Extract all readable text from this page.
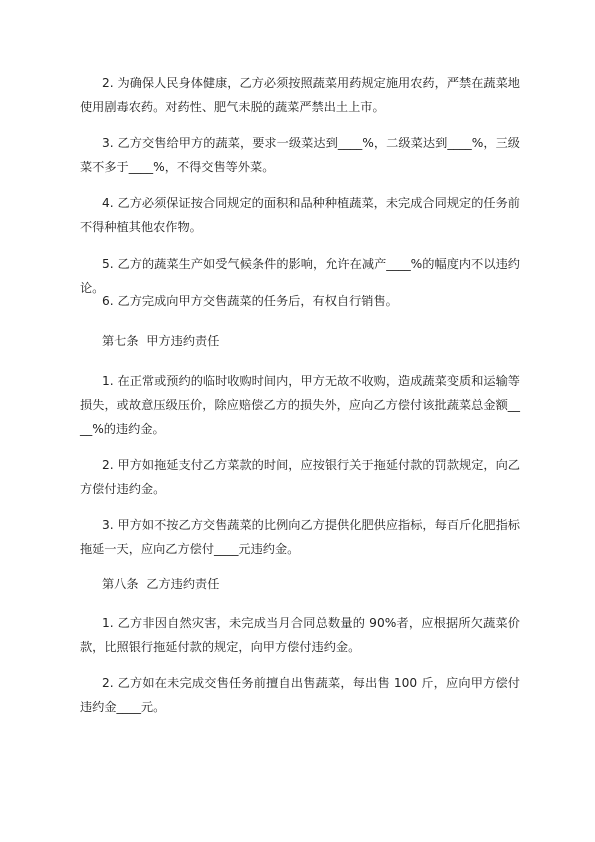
2. 为确保人民身体健康，乙方必须按照蔬菜用药规定施用农药，严禁在蔬菜地使用剧毒农药。对药性、肥气未脱的蔬菜严禁出土上市。

3. 乙方交售给甲方的蔬菜，要求一级菜达到____%，二级菜达到____%，三级菜不多于____%，不得交售等外菜。

4. 乙方必须保证按合同规定的面积和品种种植蔬菜，未完成合同规定的任务前不得种植其他农作物。

5. 乙方的蔬菜生产如受气候条件的影响，允许在减产____%的幅度内不以违约论。

6. 乙方完成向甲方交售蔬菜的任务后，有权自行销售。

第七条  甲方违约责任

1. 在正常或预约的临时收购时间内，甲方无故不收购，造成蔬菜变质和运输等损失，或故意压级压价，除应赔偿乙方的损失外，应向乙方偿付该批蔬菜总金额____%的违约金。

2. 甲方如拖延支付乙方菜款的时间，应按银行关于拖延付款的罚款规定，向乙方偿付违约金。

3. 甲方如不按乙方交售蔬菜的比例向乙方提供化肥供应指标，每百斤化肥指标拖延一天，应向乙方偿付____元违约金。

第八条  乙方违约责任

1. 乙方非因自然灾害，未完成当月合同总数量的 90%者，应根据所欠蔬菜价款，比照银行拖延付款的规定，向甲方偿付违约金。

2. 乙方如在未完成交售任务前擅自出售蔬菜，每出售 100 斤，应向甲方偿付违约金____元。
